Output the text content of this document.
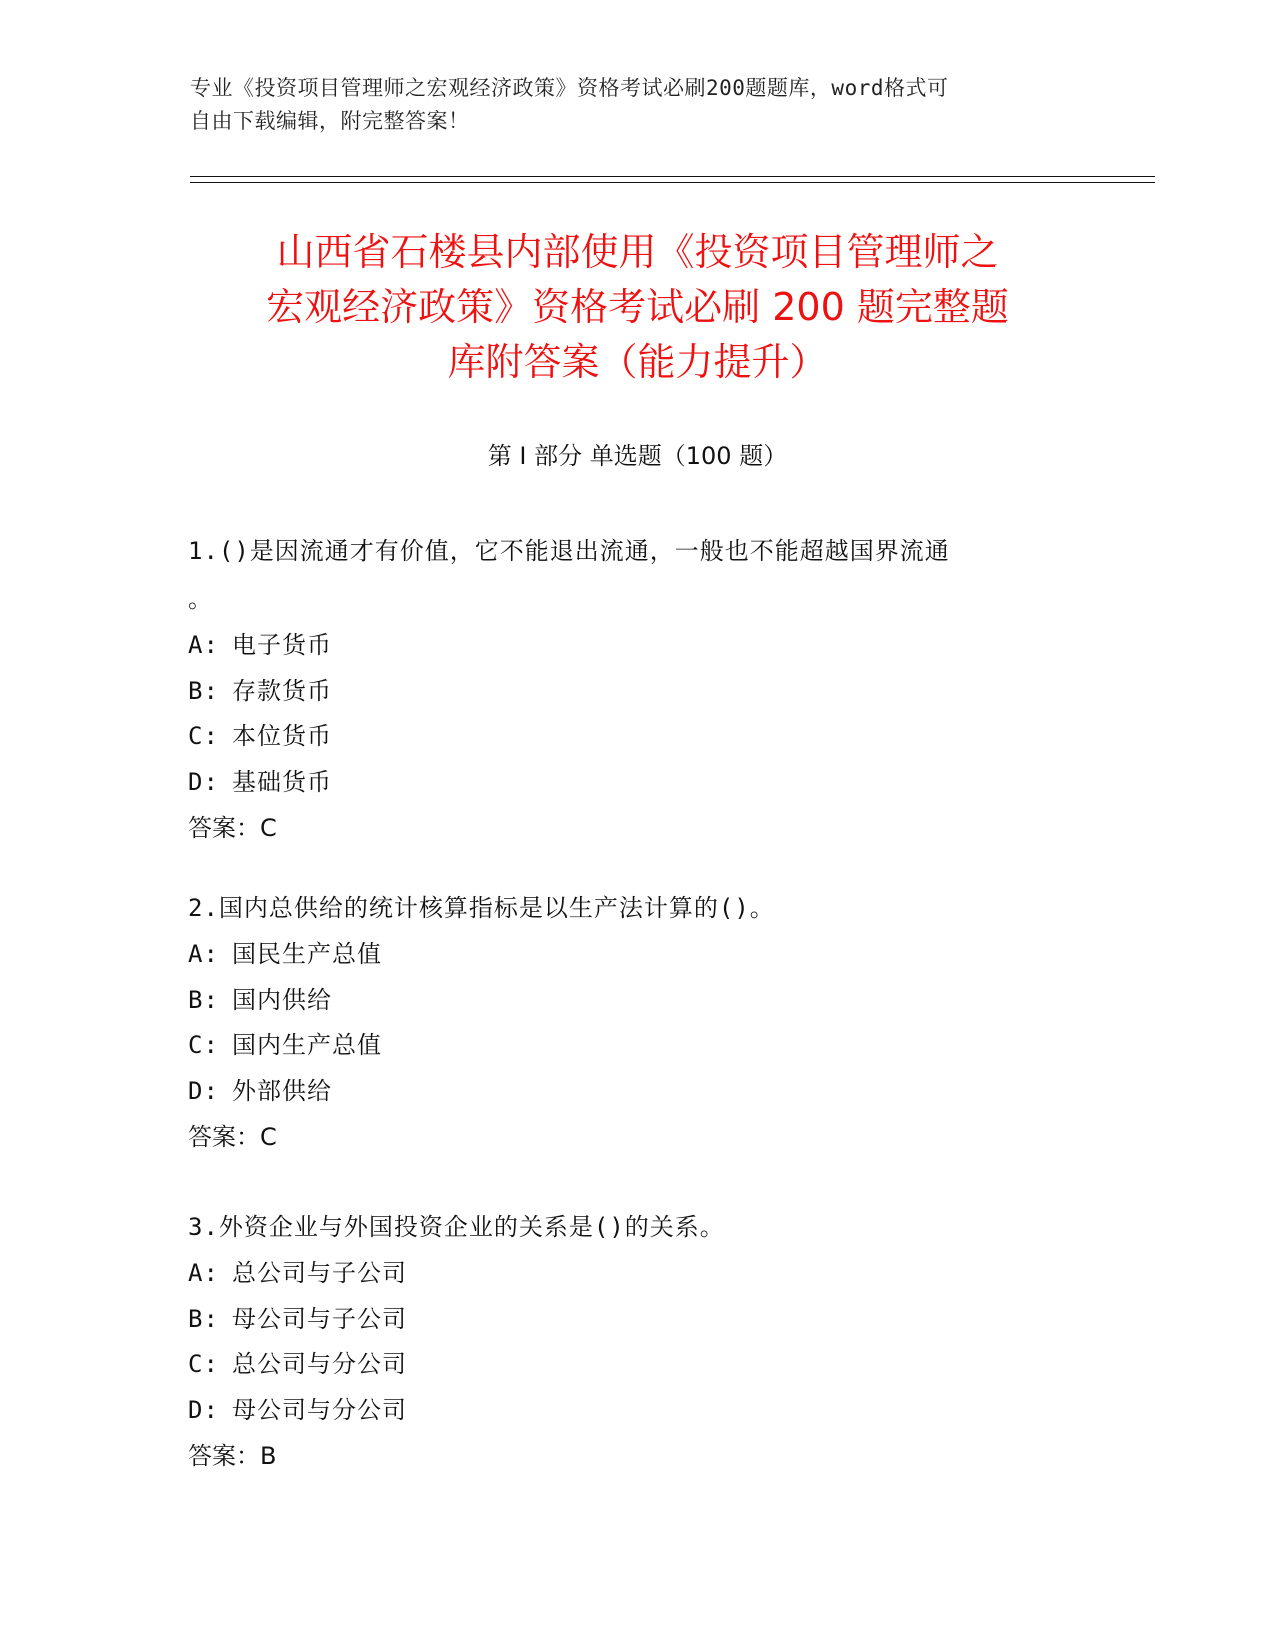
专业《投资项目管理师之宏观经济政策》资格考试必刷200题题库，word格式可
自由下载编辑，附完整答案！
山西省石楼县内部使用《投资项目管理师之
宏观经济政策》资格考试必刷 200 题完整题
库附答案（能力提升）
第 I 部分 单选题（100 题）
1.()是因流通才有价值，它不能退出流通，一般也不能超越国界流通
。
A: 电子货币
B: 存款货币
C: 本位货币
D: 基础货币
答案：C
2.国内总供给的统计核算指标是以生产法计算的()。
A: 国民生产总值
B: 国内供给
C: 国内生产总值
D: 外部供给
答案：C
3.外资企业与外国投资企业的关系是()的关系。
A: 总公司与子公司
B: 母公司与子公司
C: 总公司与分公司
D: 母公司与分公司
答案：B
